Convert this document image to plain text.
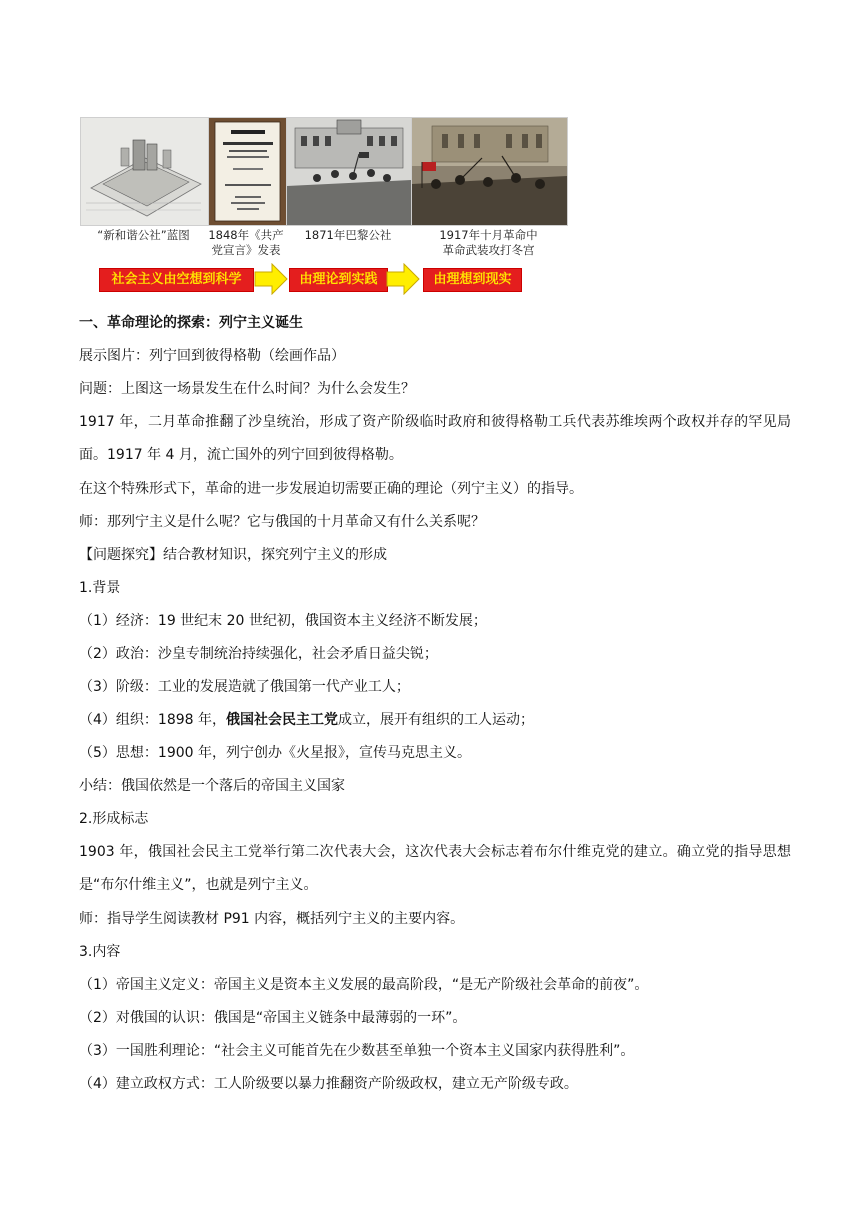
“新和谐公社”蓝图	1848年《共产
党宣言》发表
1871年巴黎公社	1917年十月革命中
革命武装攻打冬宫
社会主义由空想到科学	由理论到实践	由理想到现实

一、革命理论的探索：列宁主义诞生

展示图片：列宁回到彼得格勒（绘画作品）

问题：上图这一场景发生在什么时间？为什么会发生？

1917 年，二月革命推翻了沙皇统治，形成了资产阶级临时政府和彼得格勒工兵代表苏维埃两个政权并存的罕见局面。1917 年 4 月，流亡国外的列宁回到彼得格勒。

在这个特殊形式下，革命的进一步发展迫切需要正确的理论（列宁主义）的指导。

师：那列宁主义是什么呢？它与俄国的十月革命又有什么关系呢？

【问题探究】结合教材知识，探究列宁主义的形成

1.背景

（1）经济：19 世纪末 20 世纪初，俄国资本主义经济不断发展；

（2）政治：沙皇专制统治持续强化，社会矛盾日益尖锐；

（3）阶级：工业的发展造就了俄国第一代产业工人；

（4）组织：1898 年，俄国社会民主工党成立，展开有组织的工人运动；

（5）思想：1900 年，列宁创办《火星报》，宣传马克思主义。

小结：俄国依然是一个落后的帝国主义国家

2.形成标志

1903 年，俄国社会民主工党举行第二次代表大会，这次代表大会标志着布尔什维克党的建立。确立党的指导思想是“布尔什维主义”，也就是列宁主义。

师：指导学生阅读教材 P91 内容，概括列宁主义的主要内容。

3.内容

（1）帝国主义定义：帝国主义是资本主义发展的最高阶段，“是无产阶级社会革命的前夜”。

（2）对俄国的认识：俄国是“帝国主义链条中最薄弱的一环”。

（3）一国胜利理论：“社会主义可能首先在少数甚至单独一个资本主义国家内获得胜利”。

（4）建立政权方式：工人阶级要以暴力推翻资产阶级政权，建立无产阶级专政。
